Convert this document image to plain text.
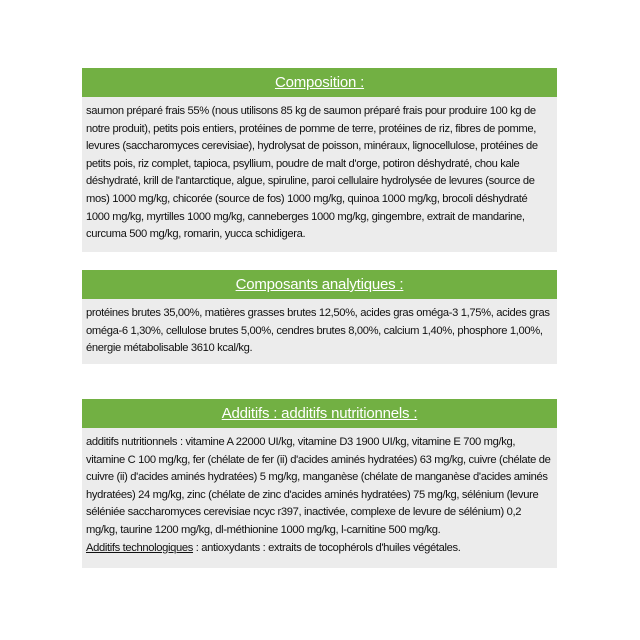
Composition :
saumon préparé frais 55% (nous utilisons 85 kg de saumon préparé frais pour produire 100 kg de notre produit), petits pois entiers, protéines de pomme de terre, protéines de riz, fibres de pomme, levures (saccharomyces cerevisiae), hydrolysat de poisson, minéraux, lignocellulose, protéines de petits pois, riz complet, tapioca, psyllium, poudre de malt d'orge, potiron déshydraté, chou kale déshydraté, krill de l'antarctique, algue, spiruline, paroi cellulaire hydrolysée de levures (source de mos) 1000 mg/kg, chicorée (source de fos) 1000 mg/kg, quinoa 1000 mg/kg, brocoli déshydraté 1000 mg/kg, myrtilles 1000 mg/kg, canneberges 1000 mg/kg, gingembre, extrait de mandarine, curcuma 500 mg/kg, romarin, yucca schidigera.
Composants analytiques :
protéines brutes 35,00%, matières grasses brutes 12,50%, acides gras oméga-3 1,75%, acides gras oméga-6 1,30%, cellulose brutes 5,00%, cendres brutes 8,00%, calcium 1,40%, phosphore 1,00%, énergie métabolisable 3610 kcal/kg.
Additifs : additifs nutritionnels :
additifs nutritionnels : vitamine A 22000 UI/kg, vitamine D3 1900 UI/kg, vitamine E 700 mg/kg, vitamine C 100 mg/kg, fer (chélate de fer (ii) d'acides aminés hydratées) 63 mg/kg, cuivre (chélate de cuivre (ii) d'acides aminés hydratées) 5 mg/kg, manganèse (chélate de manganèse d'acides aminés hydratées) 24 mg/kg, zinc (chélate de zinc d'acides aminés hydratées) 75 mg/kg, sélénium (levure séléniée saccharomyces cerevisiae ncyc r397, inactivée, complexe de levure de sélénium) 0,2 mg/kg, taurine 1200 mg/kg, dl-méthionine 1000 mg/kg, l-carnitine 500 mg/kg.
Additifs technologiques : antioxydants : extraits de tocophérols d'huiles végétales.
